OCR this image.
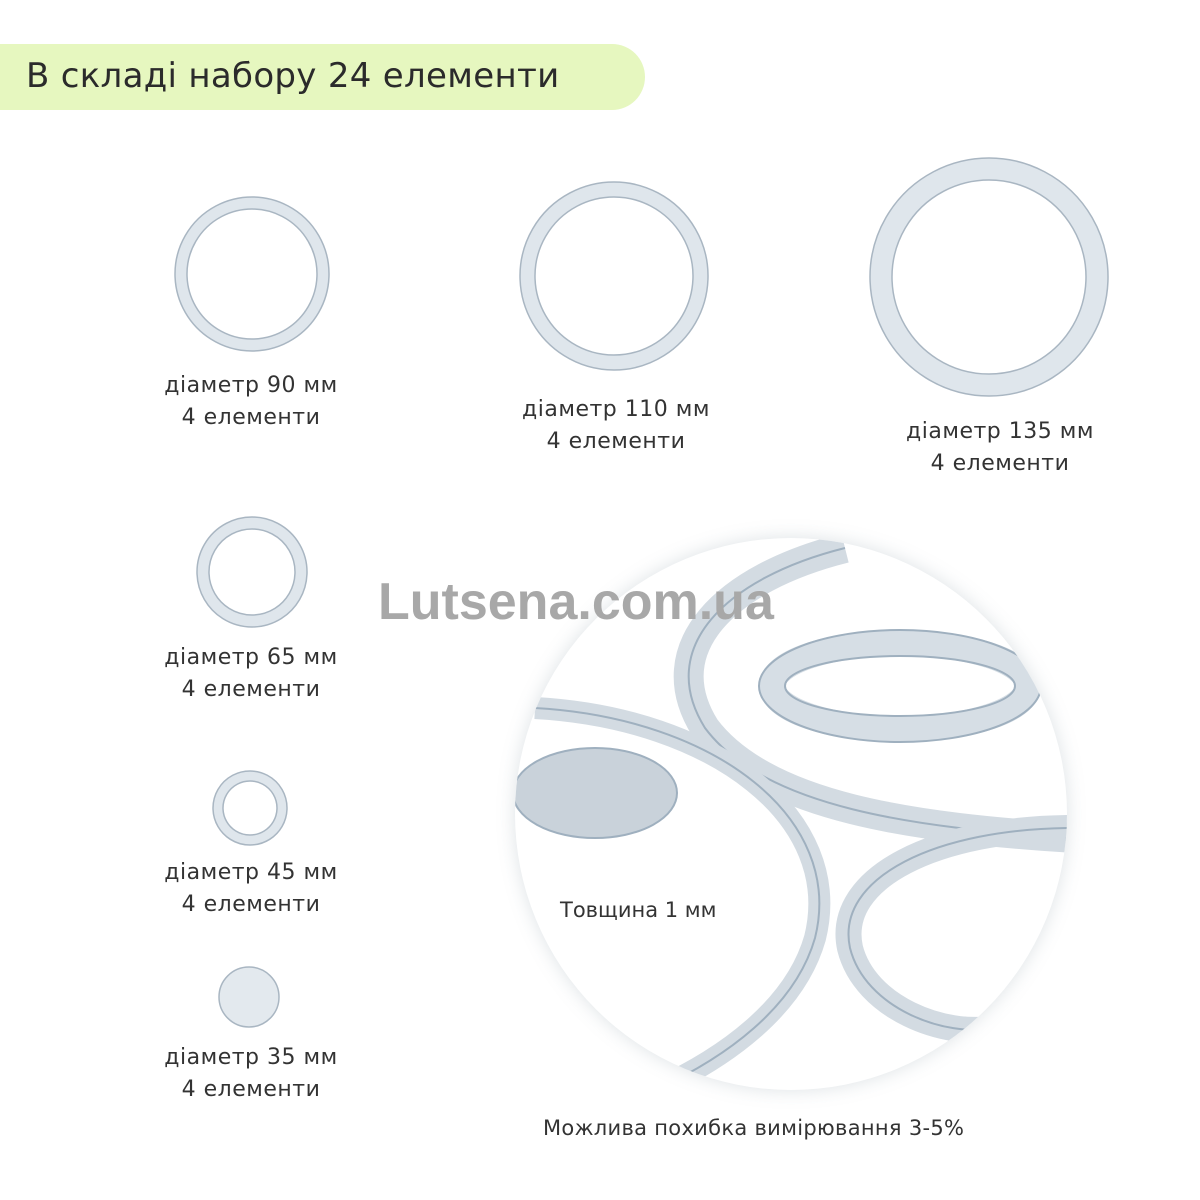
В складі набору 24 елементи
діаметр 90 мм
4 елементи	діаметр 110 мм
4 елементи	діаметр 135 мм
4 елементи
діаметр 65 мм
4 елементи
діаметр 45 мм
4 елементи
діаметр 35 мм
4 елементи
Товщина 1 мм
Lutsena.com.ua
Можлива похибка вимірювання 3-5%
